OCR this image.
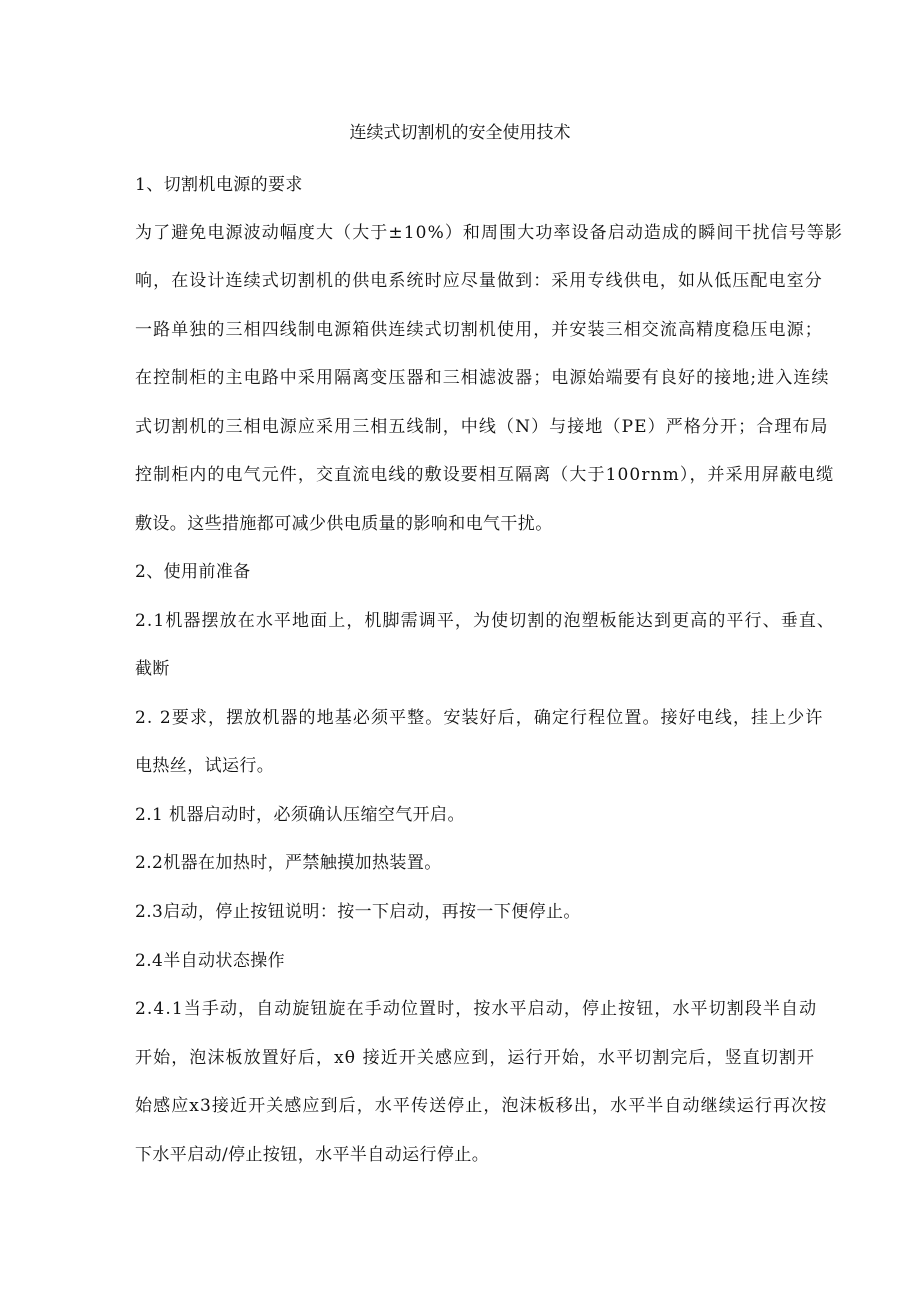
连续式切割机的安全使用技术
1、切割机电源的要求
为了避免电源波动幅度大（大于±10%）和周围大功率设备启动造成的瞬间干扰信号等影
响，在设计连续式切割机的供电系统时应尽量做到：采用专线供电，如从低压配电室分
一路单独的三相四线制电源箱供连续式切割机使用，并安装三相交流高精度稳压电源；
在控制柜的主电路中采用隔离变压器和三相滤波器；电源始端要有良好的接地;进入连续
式切割机的三相电源应采用三相五线制，中线（N）与接地（PE）严格分开；合理布局
控制柜内的电气元件，交直流电线的敷设要相互隔离（大于100rnm），并采用屏蔽电缆
敷设。这些措施都可减少供电质量的影响和电气干扰。
2、使用前准备
2.1机器摆放在水平地面上，机脚需调平，为使切割的泡塑板能达到更高的平行、垂直、
截断
2. 2要求，摆放机器的地基必须平整。安装好后，确定行程位置。接好电线，挂上少许
电热丝，试运行。
2.1 机器启动时，必须确认压缩空气开启。
2.2机器在加热时，严禁触摸加热装置。
2.3启动，停止按钮说明：按一下启动，再按一下便停止。
2.4半自动状态操作
2.4.1当手动，自动旋钮旋在手动位置时，按水平启动，停止按钮，水平切割段半自动
开始，泡沫板放置好后，xθ 接近开关感应到，运行开始，水平切割完后，竖直切割开
始感应x3接近开关感应到后，水平传送停止，泡沫板移出，水平半自动继续运行再次按
下水平启动/停止按钮，水平半自动运行停止。
